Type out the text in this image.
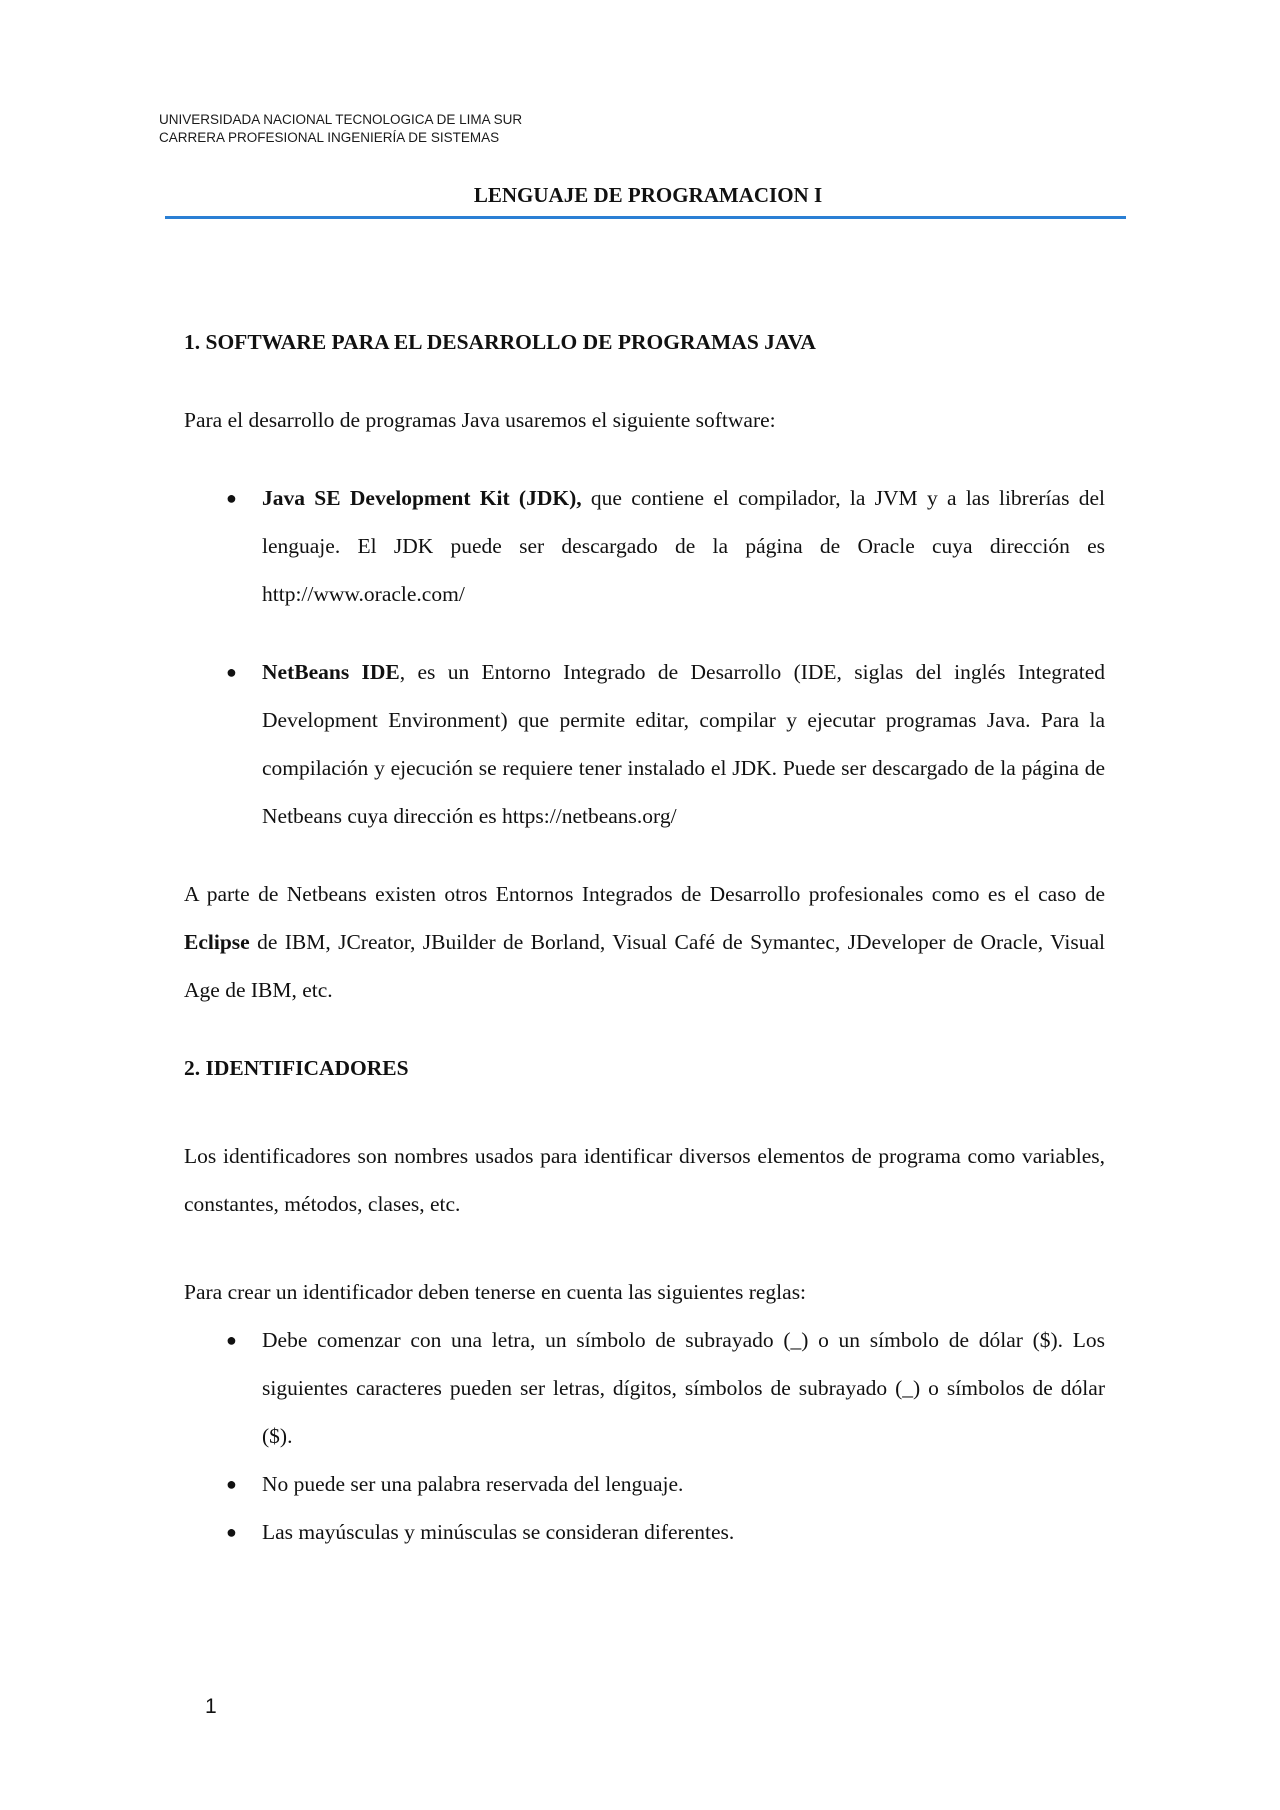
UNIVERSIDADA NACIONAL TECNOLOGICA DE LIMA SUR
CARRERA PROFESIONAL INGENIERÍA DE SISTEMAS
LENGUAJE DE PROGRAMACION I
1. SOFTWARE PARA EL DESARROLLO DE PROGRAMAS JAVA

Para el desarrollo de programas Java usaremos el siguiente software:

● Java SE Development Kit (JDK), que contiene el compilador, la JVM y a las librerías del lenguaje. El JDK puede ser descargado de la página de Oracle cuya dirección es http://www.oracle.com/
● NetBeans IDE, es un Entorno Integrado de Desarrollo (IDE, siglas del inglés Integrated Development Environment) que permite editar, compilar y ejecutar programas Java. Para la compilación y ejecución se requiere tener instalado el JDK. Puede ser descargado de la página de Netbeans cuya dirección es https://netbeans.org/

A parte de Netbeans existen otros Entornos Integrados de Desarrollo profesionales como es el caso de Eclipse de IBM, JCreator, JBuilder de Borland, Visual Café de Symantec, JDeveloper de Oracle, Visual Age de IBM, etc.

2. IDENTIFICADORES

Los identificadores son nombres usados para identificar diversos elementos de programa como variables, constantes, métodos, clases, etc.

Para crear un identificador deben tenerse en cuenta las siguientes reglas:

● Debe comenzar con una letra, un símbolo de subrayado (_) o un símbolo de dólar ($). Los siguientes caracteres pueden ser letras, dígitos, símbolos de subrayado (_) o símbolos de dólar ($).
● No puede ser una palabra reservada del lenguaje.
● Las mayúsculas y minúsculas se consideran diferentes.
1
